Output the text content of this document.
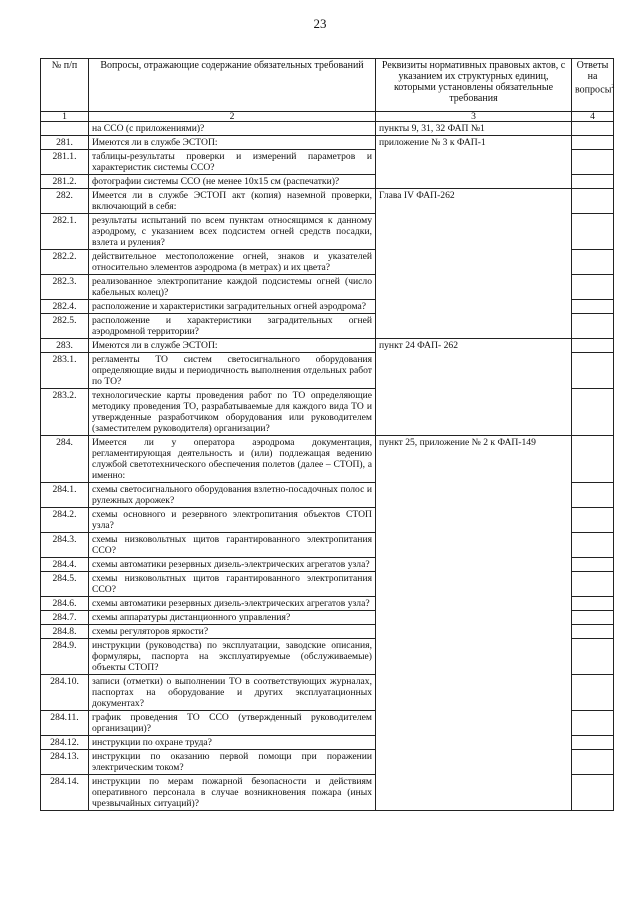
23
№ п/п	Вопросы, отражающие содержание обязательных требований	Реквизиты нормативных правовых актов, с указанием их структурных единиц, которыми установлены обязательные требования	Ответы на вопросы$^2$
1	2	3	4
	на ССО (с приложениями)?	пункты 9, 31, 32 ФАП №1	
281.	Имеются ли в службе ЭСТОП:	приложение № 3 к ФАП-1	
281.1.	таблицы-результаты проверки и измерений параметров и характеристик системы ССО?		
281.2.	фотографии системы ССО (не менее 10х15 см (распечатки)?		
282.	Имеется ли в службе ЭСТОП акт (копия) наземной проверки, включающий в себя:	Глава IV ФАП-262	
282.1.	результаты испытаний по всем пунктам относящимся к данному аэродрому, с указанием всех подсистем огней средств посадки, взлета и руления?		
282.2.	действительное местоположение огней, знаков и указателей относительно элементов аэродрома (в метрах) и их цвета?		
282.3.	реализованное электропитание каждой подсистемы огней (число кабельных колец)?		
282.4.	расположение и характеристики заградительных огней аэродрома?		
282.5.	расположение и характеристики заградительных огней аэродромной территории?		
283.	Имеются ли в службе ЭСТОП:	пункт 24 ФАП- 262	
283.1.	регламенты ТО систем светосигнального оборудования определяющие виды и периодичность выполнения отдельных работ по ТО?		
283.2.	технологические карты проведения работ по ТО определяющие методику проведения ТО, разрабатываемые для каждого вида ТО и утвержденные разработчиком оборудования или руководителем (заместителем руководителя) организации?		
284.	Имеется ли у оператора аэродрома документация, регламентирующая деятельность и (или) подлежащая ведению службой светотехнического обеспечения полетов (далее – СТОП), а именно:	пункт 25, приложение № 2 к ФАП-149	
284.1.	схемы светосигнального оборудования взлетно-посадочных полос и рулежных дорожек?		
284.2.	схемы основного и резервного электропитания объектов СТОП узла?		
284.3.	схемы низковольтных щитов гарантированного электропитания ССО?		
284.4.	схемы автоматики резервных дизель-электрических агрегатов узла?		
284.5.	схемы низковольтных щитов гарантированного электропитания ССО?		
284.6.	схемы автоматики резервных дизель-электрических агрегатов узла?		
284.7.	схемы аппаратуры дистанционного управления?		
284.8.	схемы регуляторов яркости?		
284.9.	инструкции (руководства) по эксплуатации, заводские описания, формуляры, паспорта на эксплуатируемые (обслуживаемые) объекты СТОП?		
284.10.	записи (отметки) о выполнении ТО в соответствующих журналах, паспортах на оборудование и других эксплуатационных документах?		
284.11.	график проведения ТО ССО (утвержденный руководителем организации)?		
284.12.	инструкции по охране труда?		
284.13.	инструкции по оказанию первой помощи при поражении электрическим током?		
284.14.	инструкции по мерам пожарной безопасности и действиям оперативного персонала в случае возникновения пожара (иных чрезвычайных ситуаций)?		
